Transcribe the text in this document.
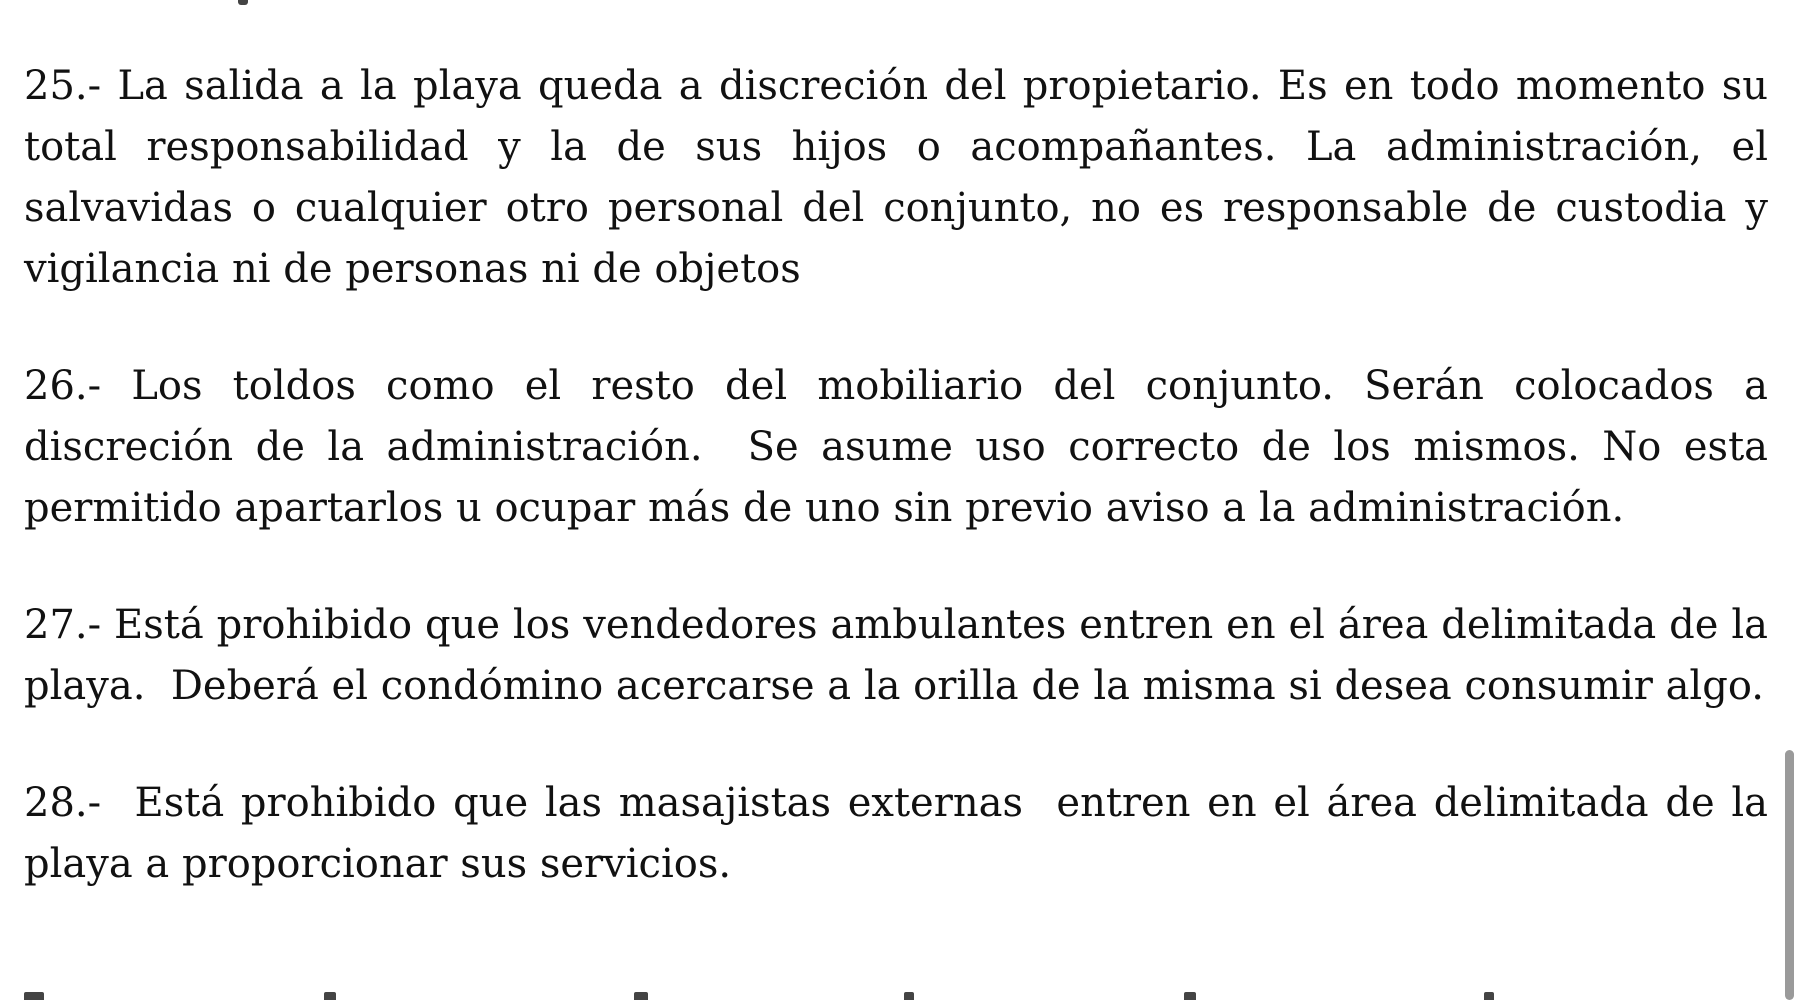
25.- La salida a la playa queda a discreción del propietario. Es en todo momento su total responsabilidad y la de sus hijos o acompañantes. La administración, el salvavidas o cualquier otro personal del conjunto, no es responsable de custodia y vigilancia ni de personas ni de objetos

26.- Los toldos como el resto del mobiliario del conjunto. Serán colocados a discreción de la administración.  Se asume uso correcto de los mismos. No esta permitido apartarlos u ocupar más de uno sin previo aviso a la administración.

27.- Está prohibido que los vendedores ambulantes entren en el área delimitada de la playa.  Deberá el condómino acercarse a la orilla de la misma si desea consumir algo.

28.-  Está prohibido que las masajistas externas  entren en el área delimitada de la playa a proporcionar sus servicios.
